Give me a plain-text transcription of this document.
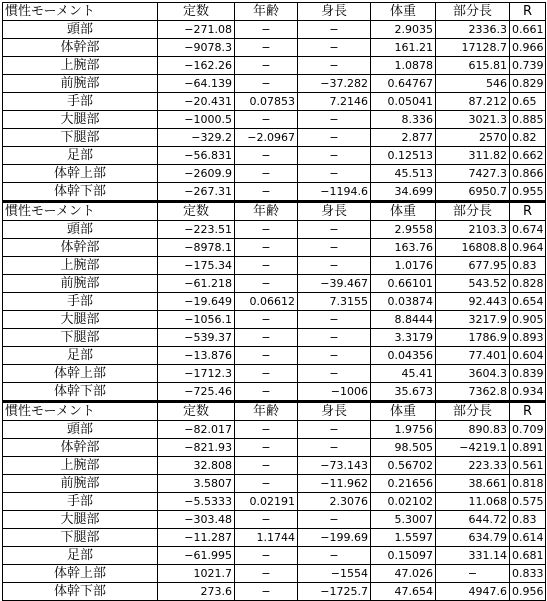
慣性モーメント	定数	年齢	身長	体重	部分長	R
頭部	−271.08	−	−	2.9035	2336.3	0.661
体幹部	−9078.3	−	−	161.21	17128.7	0.966
上腕部	−162.26	−	−	1.0878	615.81	0.739
前腕部	−64.139	−	−37.282	0.64767	546	0.829
手部	−20.431	0.07853	7.2146	0.05041	87.212	0.65
大腿部	−1000.5	−	−	8.336	3021.3	0.885
下腿部	−329.2	−2.0967	−	2.877	2570	0.82
足部	−56.831	−	−	0.12513	311.82	0.662
体幹上部	−2609.9	−	−	45.513	7427.3	0.866
体幹下部	−267.31	−	−1194.6	34.699	6950.7	0.955
慣性モーメント	定数	年齢	身長	体重	部分長	R
頭部	−223.51	−	−	2.9558	2103.3	0.674
体幹部	−8978.1	−	−	163.76	16808.8	0.964
上腕部	−175.34	−	−	1.0176	677.95	0.83
前腕部	−61.218	−	−39.467	0.66101	543.52	0.828
手部	−19.649	0.06612	7.3155	0.03874	92.443	0.654
大腿部	−1056.1	−	−	8.8444	3217.9	0.905
下腿部	−539.37	−	−	3.3179	1786.9	0.893
足部	−13.876	−	−	0.04356	77.401	0.604
体幹上部	−1712.3	−	−	45.41	3604.3	0.839
体幹下部	−725.46	−	−1006	35.673	7362.8	0.934
慣性モーメント	定数	年齢	身長	体重	部分長	R
頭部	−82.017	−	−	1.9756	890.83	0.709
体幹部	−821.93	−	−	98.505	−4219.1	0.891
上腕部	32.808	−	−73.143	0.56702	223.33	0.561
前腕部	3.5807	−	−11.962	0.21656	38.661	0.818
手部	−5.5333	0.02191	2.3076	0.02102	11.068	0.575
大腿部	−303.48	−	−	5.3007	644.72	0.83
下腿部	−11.287	1.1744	−199.69	1.5597	634.79	0.614
足部	−61.995	−	−	0.15097	331.14	0.681
体幹上部	1021.7	−	−1554	47.026	−	0.833
体幹下部	273.6	−	−1725.7	47.654	4947.6	0.956
